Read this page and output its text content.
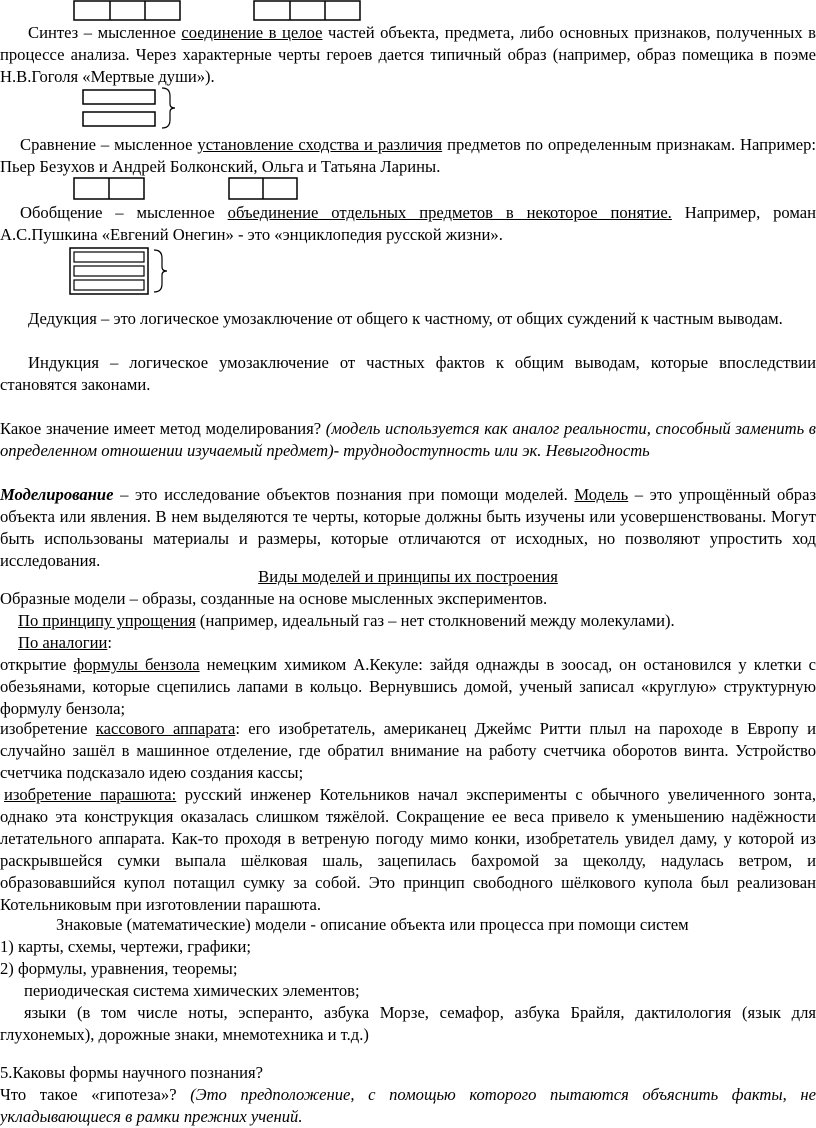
Синтез – мысленное соединение в целое частей объекта, предмета, либо основных признаков, полученных в процессе анализа. Через характерные черты героев дается типичный образ (например, образ помещика в поэме Н.В.Гоголя «Мертвые души»).

Сравнение – мысленное установление сходства и различия предметов по определенным признакам. Например: Пьер Безухов и Андрей Болконский, Ольга и Татьяна Ларины.

Обобщение – мысленное объединение отдельных предметов в некоторое понятие. Например, роман А.С.Пушкина «Евгений Онегин» - это «энциклопедия русской жизни».

Дедукция – это логическое умозаключение от общего к частному, от общих суждений к частным выводам.

Индукция – логическое умозаключение от частных фактов к общим выводам, которые впоследствии становятся законами.

Какое значение имеет метод моделирования? (модель используется как аналог реальности, способный заменить в определенном отношении изучаемый предмет)- труднодоступность или эк. Невыгодность

Моделирование – это исследование объектов познания при помощи моделей. Модель – это упрощённый образ объекта или явления. В нем выделяются те черты, которые должны быть изучены или усовершенствованы. Могут быть использованы материалы и размеры, которые отличаются от исходных, но позволяют упростить ход исследования.

Виды моделей и принципы их построения

Образные модели – образы, созданные на основе мысленных экспериментов.

По принципу упрощения (например, идеальный газ – нет столкновений между молекулами).

По аналогии:

открытие формулы бензола немецким химиком А.Кекуле: зайдя однажды в зоосад, он остановился у клетки с обезьянами, которые сцепились лапами в кольцо. Вернувшись домой, ученый записал «круглую» структурную формулу бензола;

изобретение кассового аппарата: его изобретатель, американец Джеймс Ритти плыл на пароходе в Европу и случайно зашёл в машинное отделение, где обратил внимание на работу счетчика оборотов винта. Устройство счетчика подсказало идею создания кассы;

изобретение парашюта: русский инженер Котельников начал эксперименты с обычного увеличенного зонта, однако эта конструкция оказалась слишком тяжёлой. Сокращение ее веса привело к уменьшению надёжности летательного аппарата. Как-то проходя в ветреную погоду мимо конки, изобретатель увидел даму, у которой из раскрывшейся сумки выпала шёлковая шаль, зацепилась бахромой за щеколду, надулась ветром, и образовавшийся купол потащил сумку за собой. Это принцип свободного шёлкового купола был реализован Котельниковым при изготовлении парашюта.

Знаковые (математические) модели - описание объекта или процесса при помощи систем

1) карты, схемы, чертежи, графики;

2) формулы, уравнения, теоремы;

периодическая система химических элементов;

языки (в том числе ноты, эсперанто, азбука Морзе, семафор, азбука Брайля, дактилология (язык для глухонемых), дорожные знаки, мнемотехника и т.д.)

5.Каковы формы научного познания?

Что такое «гипотеза»? (Это предположение, с помощью которого пытаются объяснить факты, не укладывающиеся в рамки прежних учений.
